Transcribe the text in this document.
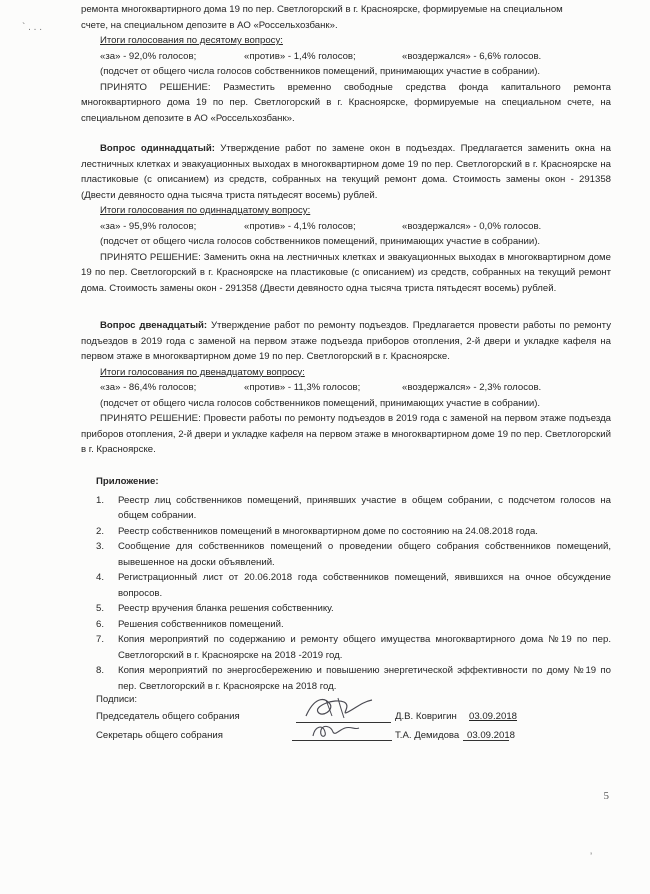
` . . .
ремонта многоквартирного дома 19 по пер. Светлогорский в г. Красноярске, формируемые на специальном
счете, на специальном депозите в АО «Россельхозбанк».
Итоги голосования по десятому вопросу:
«за» - 92,0% голосов;	«против» - 1,4% голосов;	«воздержался» - 6,6% голосов.
(подсчет от общего числа голосов собственников помещений, принимающих участие в собрании).

ПРИНЯТО РЕШЕНИЕ: Разместить временно свободные средства фонда капитального ремонта многоквартирного дома 19 по пер. Светлогорский в г. Красноярске, формируемые на специальном счете, на специальном депозите в АО «Россельхозбанк».

Вопрос одиннадцатый: Утверждение работ по замене окон в подъездах. Предлагается заменить окна на лестничных клетках и эвакуационных выходах в многоквартирном доме 19 по пер. Светлогорский в г. Красноярске на пластиковые (с описанием) из средств, собранных на текущий ремонт дома. Стоимость замены окон - 291358 (Двести девяносто одна тысяча триста пятьдесят восемь) рублей.

Итоги голосования по одиннадцатому вопросу:
«за» - 95,9% голосов;	«против» - 4,1% голосов;	«воздержался» - 0,0% голосов.
(подсчет от общего числа голосов собственников помещений, принимающих участие в собрании).

ПРИНЯТО РЕШЕНИЕ: Заменить окна на лестничных клетках и эвакуационных выходах в многоквартирном доме 19 по пер. Светлогорский в г. Красноярске на пластиковые (с описанием) из средств, собранных на текущий ремонт дома. Стоимость замены окон - 291358 (Двести девяносто одна тысяча триста пятьдесят восемь) рублей.

Вопрос двенадцатый: Утверждение работ по ремонту подъездов. Предлагается провести работы по ремонту подъездов в 2019 года с заменой на первом этаже подъезда приборов отопления, 2-й двери и укладке кафеля на первом этаже в многоквартирном доме 19 по пер. Светлогорский в г. Красноярске.

Итоги голосования по двенадцатому вопросу:
«за» - 86,4% голосов;	«против» - 11,3% голосов;	«воздержался» - 2,3% голосов.
(подсчет от общего числа голосов собственников помещений, принимающих участие в собрании).

ПРИНЯТО РЕШЕНИЕ: Провести работы по ремонту подъездов в 2019 года с заменой на первом этаже подъезда приборов отопления, 2-й двери и укладке кафеля на первом этаже в многоквартирном доме 19 по пер. Светлогорский в г. Красноярске.

Приложение:
1. Реестр лиц собственников помещений, принявших участие в общем собрании, с подсчетом голосов на общем собрании.
2. Реестр собственников помещений в многоквартирном доме по состоянию на 24.08.2018 года.
3. Сообщение для собственников помещений о проведении общего собрания собственников помещений, вывешенное на доски объявлений.
4. Регистрационный лист от 20.06.2018 года собственников помещений, явившихся на очное обсуждение вопросов.
5. Реестр вручения бланка решения собственнику.
6. Решения собственников помещений.
7. Копия мероприятий по содержанию и ремонту общего имущества многоквартирного дома №19 по пер. Светлогорский в г. Красноярске на 2018 -2019 год.
8. Копия мероприятий по энергосбережению и повышению энергетической эффективности по дому №19 по пер. Светлогорский в г. Красноярске на 2018 год.
Подписи:
Председатель общего собрания	Д.В. Ковригин 03.09.2018
Секретарь общего собрания	Т.А. Демидова 03.09.2018
5
ʼ
